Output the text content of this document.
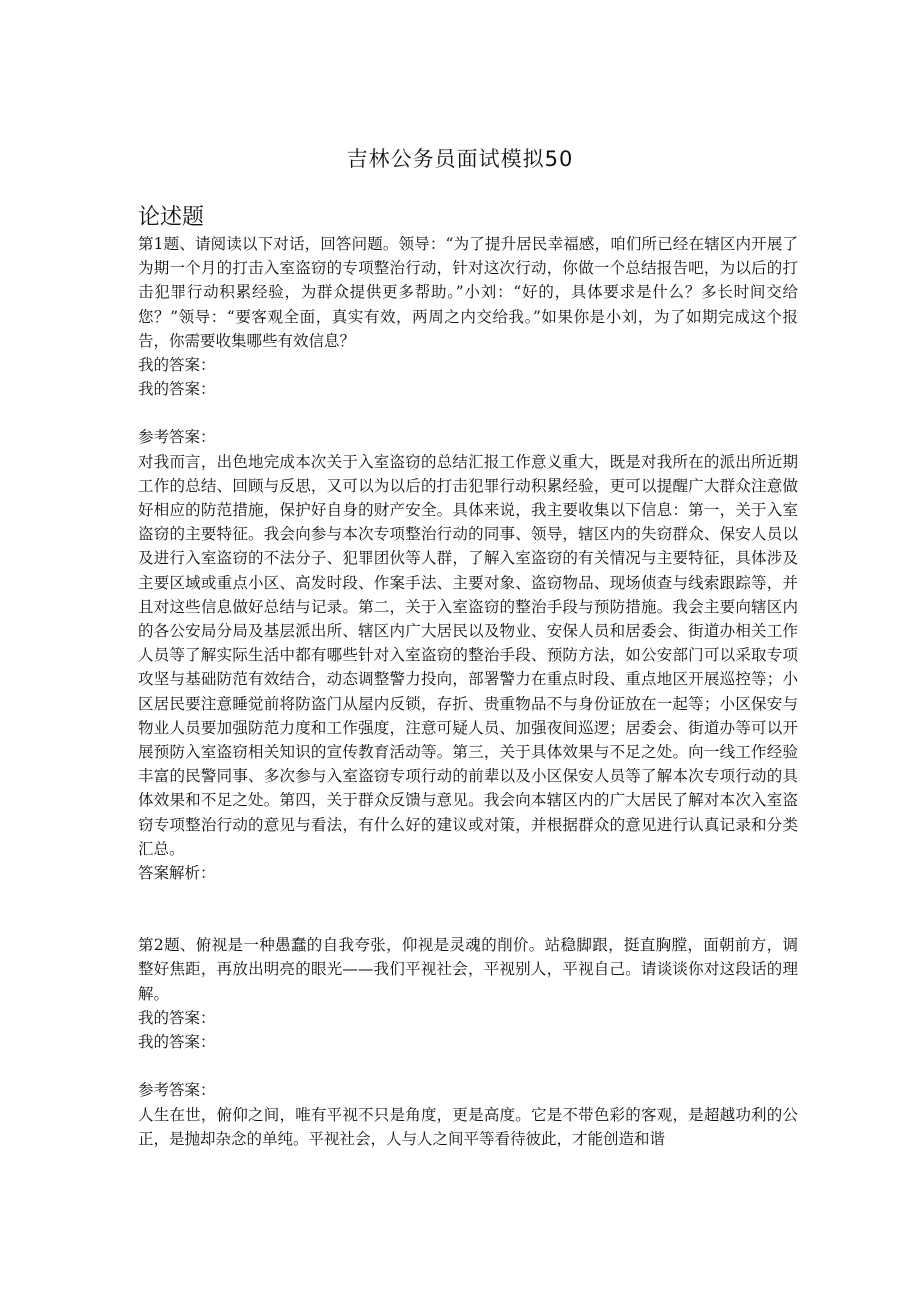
吉林公务员面试模拟50
论述题

第1题、请阅读以下对话，回答问题。领导：“为了提升居民幸福感，咱们所已经在辖区内开展了为期一个月的打击入室盗窃的专项整治行动，针对这次行动，你做一个总结报告吧，为以后的打击犯罪行动积累经验，为群众提供更多帮助。”小刘：“好的，具体要求是什么？多长时间交给您？”领导：“要客观全面，真实有效，两周之内交给我。”如果你是小刘，为了如期完成这个报告，你需要收集哪些有效信息？

我的答案：

我的答案：

参考答案：

对我而言，出色地完成本次关于入室盗窃的总结汇报工作意义重大，既是对我所在的派出所近期工作的总结、回顾与反思，又可以为以后的打击犯罪行动积累经验，更可以提醒广大群众注意做好相应的防范措施，保护好自身的财产安全。具体来说，我主要收集以下信息：第一，关于入室盗窃的主要特征。我会向参与本次专项整治行动的同事、领导，辖区内的失窃群众、保安人员以及进行入室盗窃的不法分子、犯罪团伙等人群，了解入室盗窃的有关情况与主要特征，具体涉及主要区域或重点小区、高发时段、作案手法、主要对象、盗窃物品、现场侦查与线索跟踪等，并且对这些信息做好总结与记录。第二，关于入室盗窃的整治手段与预防措施。我会主要向辖区内的各公安局分局及基层派出所、辖区内广大居民以及物业、安保人员和居委会、街道办相关工作人员等了解实际生活中都有哪些针对入室盗窃的整治手段、预防方法，如公安部门可以采取专项攻坚与基础防范有效结合，动态调整警力投向，部署警力在重点时段、重点地区开展巡控等；小区居民要注意睡觉前将防盗门从屋内反锁，存折、贵重物品不与身份证放在一起等；小区保安与物业人员要加强防范力度和工作强度，注意可疑人员、加强夜间巡逻；居委会、街道办等可以开展预防入室盗窃相关知识的宣传教育活动等。第三，关于具体效果与不足之处。向一线工作经验丰富的民警同事、多次参与入室盗窃专项行动的前辈以及小区保安人员等了解本次专项行动的具体效果和不足之处。第四，关于群众反馈与意见。我会向本辖区内的广大居民了解对本次入室盗窃专项整治行动的意见与看法，有什么好的建议或对策，并根据群众的意见进行认真记录和分类汇总。

答案解析：

第2题、俯视是一种愚蠢的自我夸张，仰视是灵魂的削价。站稳脚跟，挺直胸膛，面朝前方，调整好焦距，再放出明亮的眼光——我们平视社会，平视别人，平视自己。请谈谈你对这段话的理解。

我的答案：

我的答案：

参考答案：

人生在世，俯仰之间，唯有平视不只是角度，更是高度。它是不带色彩的客观，是超越功利的公正，是抛却杂念的单纯。平视社会，人与人之间平等看待彼此，才能创造和谐
